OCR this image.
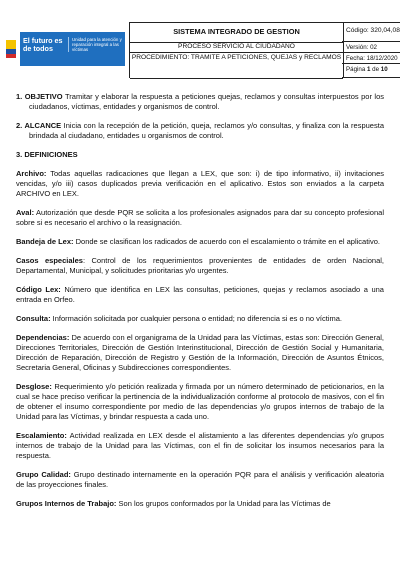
El futuro es de todos
Unidad para la atención y reparación integral a las víctimas
SISTEMA INTEGRADO DE GESTION
PROCESO SERVICIO AL CIUDADANO
PROCEDIMIENTO: TRAMITE A PETICIONES, QUEJAS y RECLAMOS
Código: 320,04,08
Versión: 02
Fecha: 18/12/2020
Página 1 de 10

1. OBJETIVO Tramitar y elaborar la respuesta a peticiones quejas, reclamos y consultas interpuestos por los ciudadanos, víctimas, entidades y organismos de control.

2. ALCANCE Inicia con la recepción de la petición, queja, reclamos y/o consultas, y finaliza con la respuesta brindada al ciudadano, entidades u organismos de control.

3. DEFINICIONES

Archivo: Todas aquellas radicaciones que llegan a LEX, que son: i) de tipo informativo, ii) invitaciones vencidas, y/o iii) casos duplicados previa verificación en el aplicativo. Estos son enviados a la carpeta ARCHIVO en LEX.

Aval: Autorización que desde PQR se solicita a los profesionales asignados para dar su concepto profesional sobre si es necesario el archivo o la reasignación.

Bandeja de Lex: Donde se clasifican los radicados de acuerdo con el escalamiento o trámite en el aplicativo.

Casos especiales: Control de los requerimientos provenientes de entidades de orden Nacional, Departamental, Municipal, y solicitudes prioritarias y/o urgentes.

Código Lex: Número que identifica en LEX las consultas, peticiones, quejas y reclamos asociado a una entrada en Orfeo.

Consulta: Información solicitada por cualquier persona o entidad; no diferencia si es o no víctima.

Dependencias: De acuerdo con el organigrama de la Unidad para las Víctimas, estas son: Dirección General, Direcciones Territoriales, Dirección de Gestión Interinstitucional, Dirección de Gestión Social y Humanitaria, Dirección de Reparación, Dirección de Registro y Gestión de la Información, Dirección de Asuntos Étnicos, Secretaria General, Oficinas y Subdirecciones correspondientes.

Desglose: Requerimiento y/o petición realizada y firmada por un número determinado de peticionarios, en la cual se hace preciso verificar la pertinencia de la individualización conforme al protocolo de masivos, con el fin de obtener el insumo correspondiente por medio de las dependencias y/o grupos internos de trabajo de la Unidad para las Víctimas, y brindar respuesta a cada uno.

Escalamiento: Actividad realizada en LEX desde el alistamiento a las diferentes dependencias y/o grupos internos de trabajo de la Unidad para las Víctimas, con el fin de solicitar los insumos necesarios para la respuesta.

Grupo Calidad: Grupo destinado internamente en la operación PQR para el análisis y verificación aleatoria de las proyecciones finales.

Grupos Internos de Trabajo: Son los grupos conformados por la Unidad para las Víctimas de
